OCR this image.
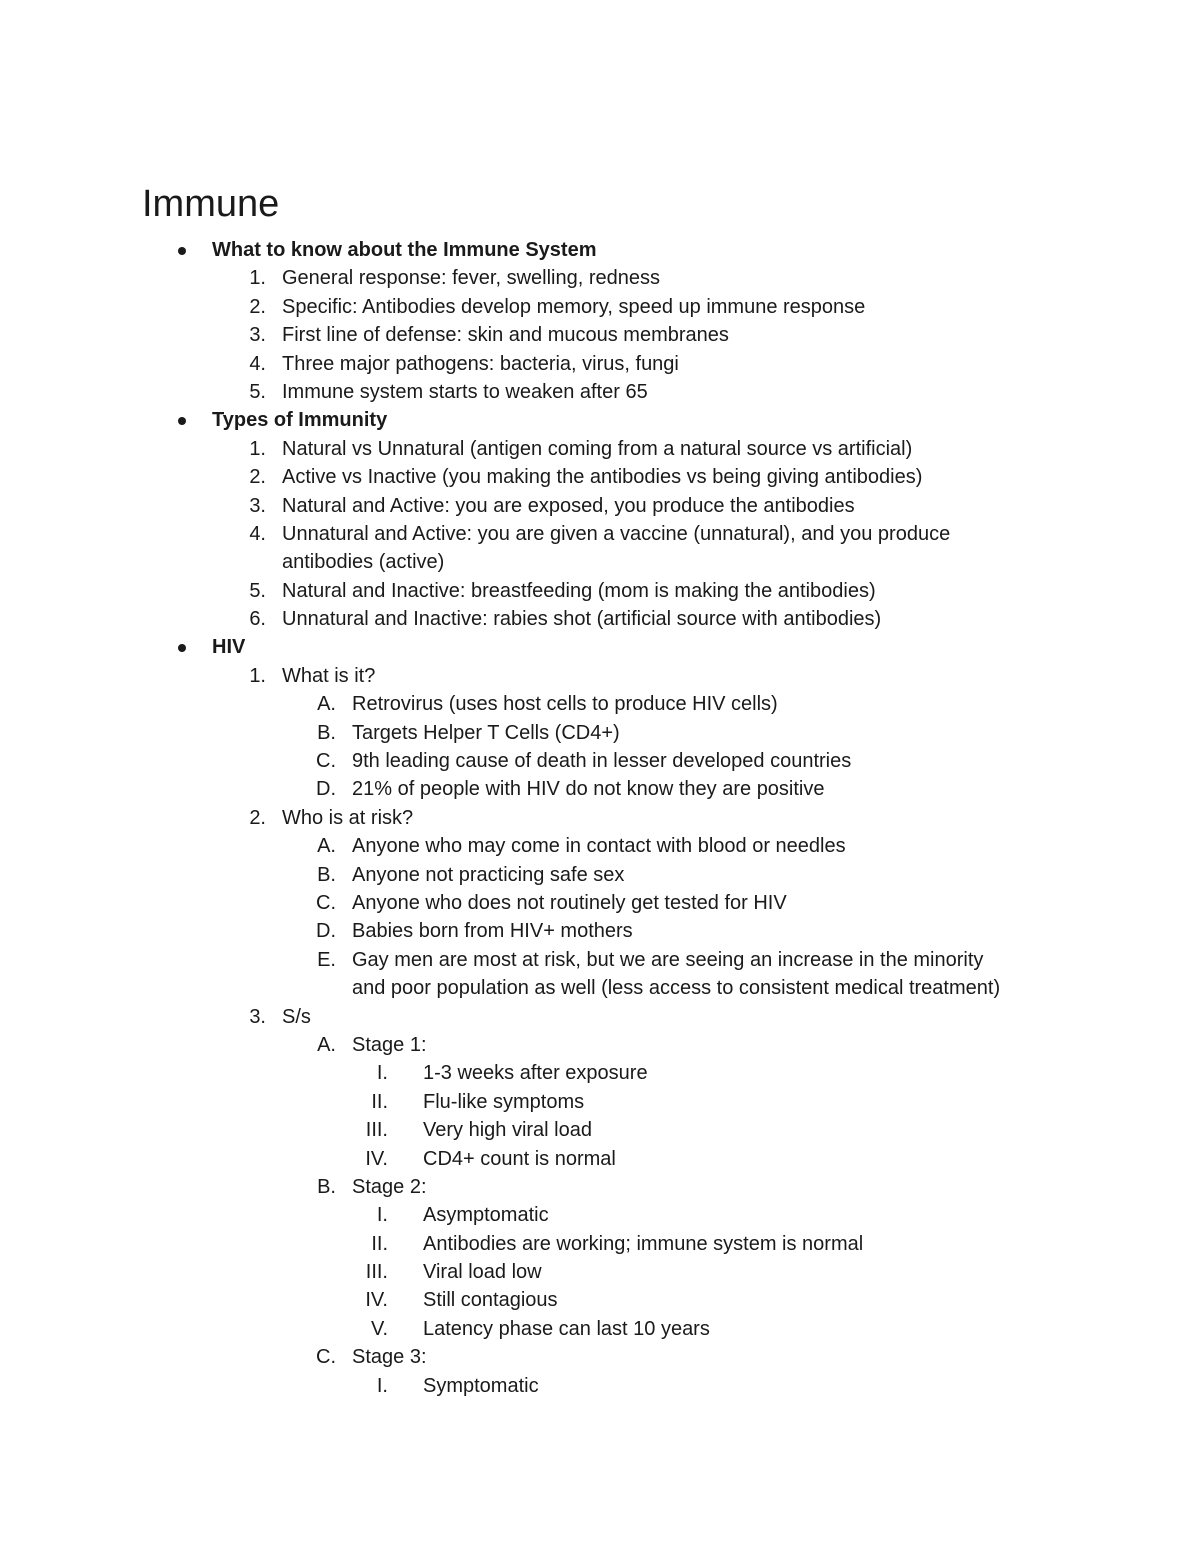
Immune
What to know about the Immune System
1. General response: fever, swelling, redness
2. Specific: Antibodies develop memory, speed up immune response
3. First line of defense: skin and mucous membranes
4. Three major pathogens: bacteria, virus, fungi
5. Immune system starts to weaken after 65
Types of Immunity
1. Natural vs Unnatural (antigen coming from a natural source vs artificial)
2. Active vs Inactive (you making the antibodies vs being giving antibodies)
3. Natural and Active: you are exposed, you produce the antibodies
4. Unnatural and Active: you are given a vaccine (unnatural), and you produce
antibodies (active)
5. Natural and Inactive: breastfeeding (mom is making the antibodies)
6. Unnatural and Inactive: rabies shot (artificial source with antibodies)
HIV
1. What is it?
A. Retrovirus (uses host cells to produce HIV cells)
B. Targets Helper T Cells (CD4+)
C. 9th leading cause of death in lesser developed countries
D. 21% of people with HIV do not know they are positive
2. Who is at risk?
A. Anyone who may come in contact with blood or needles
B. Anyone not practicing safe sex
C. Anyone who does not routinely get tested for HIV
D. Babies born from HIV+ mothers
E. Gay men are most at risk, but we are seeing an increase in the minority
and poor population as well (less access to consistent medical treatment)
3. S/s
A. Stage 1:
I. 1-3 weeks after exposure
II. Flu-like symptoms
III. Very high viral load
IV. CD4+ count is normal
B. Stage 2:
I. Asymptomatic
II. Antibodies are working; immune system is normal
III. Viral load low
IV. Still contagious
V. Latency phase can last 10 years
C. Stage 3:
I. Symptomatic
